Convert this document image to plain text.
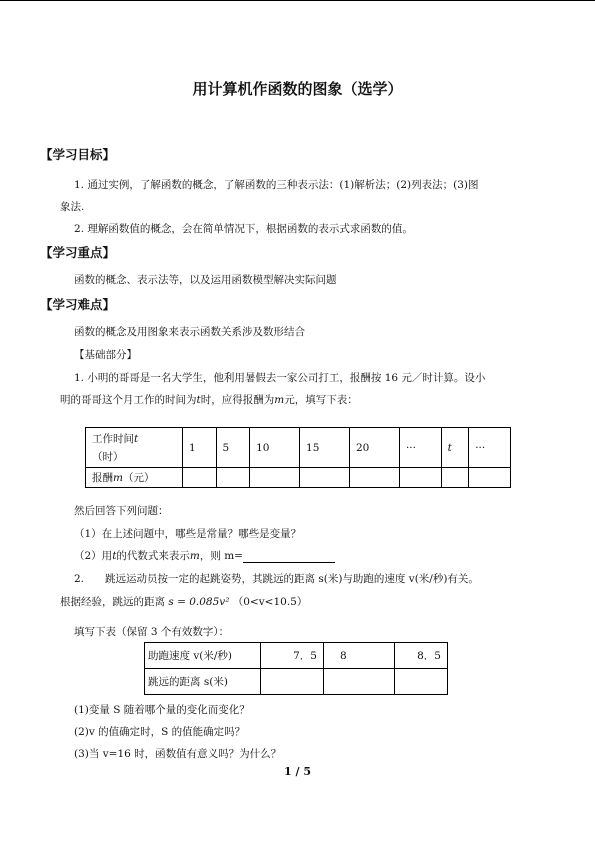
用计算机作函数的图象（选学）
【学习目标】
1. 通过实例，了解函数的概念，了解函数的三种表示法：(1)解析法；(2)列表法；(3)图
象法.
2. 理解函数值的概念，会在简单情况下，根据函数的表示式求函数的值。
【学习重点】
函数的概念、表示法等，以及运用函数模型解决实际问题
【学习难点】
函数的概念及用图象来表示函数关系涉及数形结合
【基础部分】
1. 小明的哥哥是一名大学生，他利用暑假去一家公司打工，报酬按 16 元／时计算。设小
明的哥哥这个月工作的时间为t时，应得报酬为m元，填写下表：
工作时间t
（时）	1	5	10	15	20	···	t	···
报酬m（元）								
然后回答下列问题：
（1）在上述问题中，哪些是常量？哪些是变量？
（2）用t的代数式来表示m，则 m=
2.　　跳远运动员按一定的起跳姿势，其跳远的距离 s(米)与助跑的速度 v(米/秒)有关。
根据经验，跳远的距离 s = 0.085v² （0<v<10.5）
填写下表（保留 3 个有效数字）：
助跑速度 v(米/秒)	7．5	8	8．5
跳远的距离 s(米)			
(1)变量 S 随着哪个量的变化而变化？
(2)v 的值确定时，S 的值能确定吗？
(3)当 v=16 时，函数值有意义吗？为什么？
1 / 5
